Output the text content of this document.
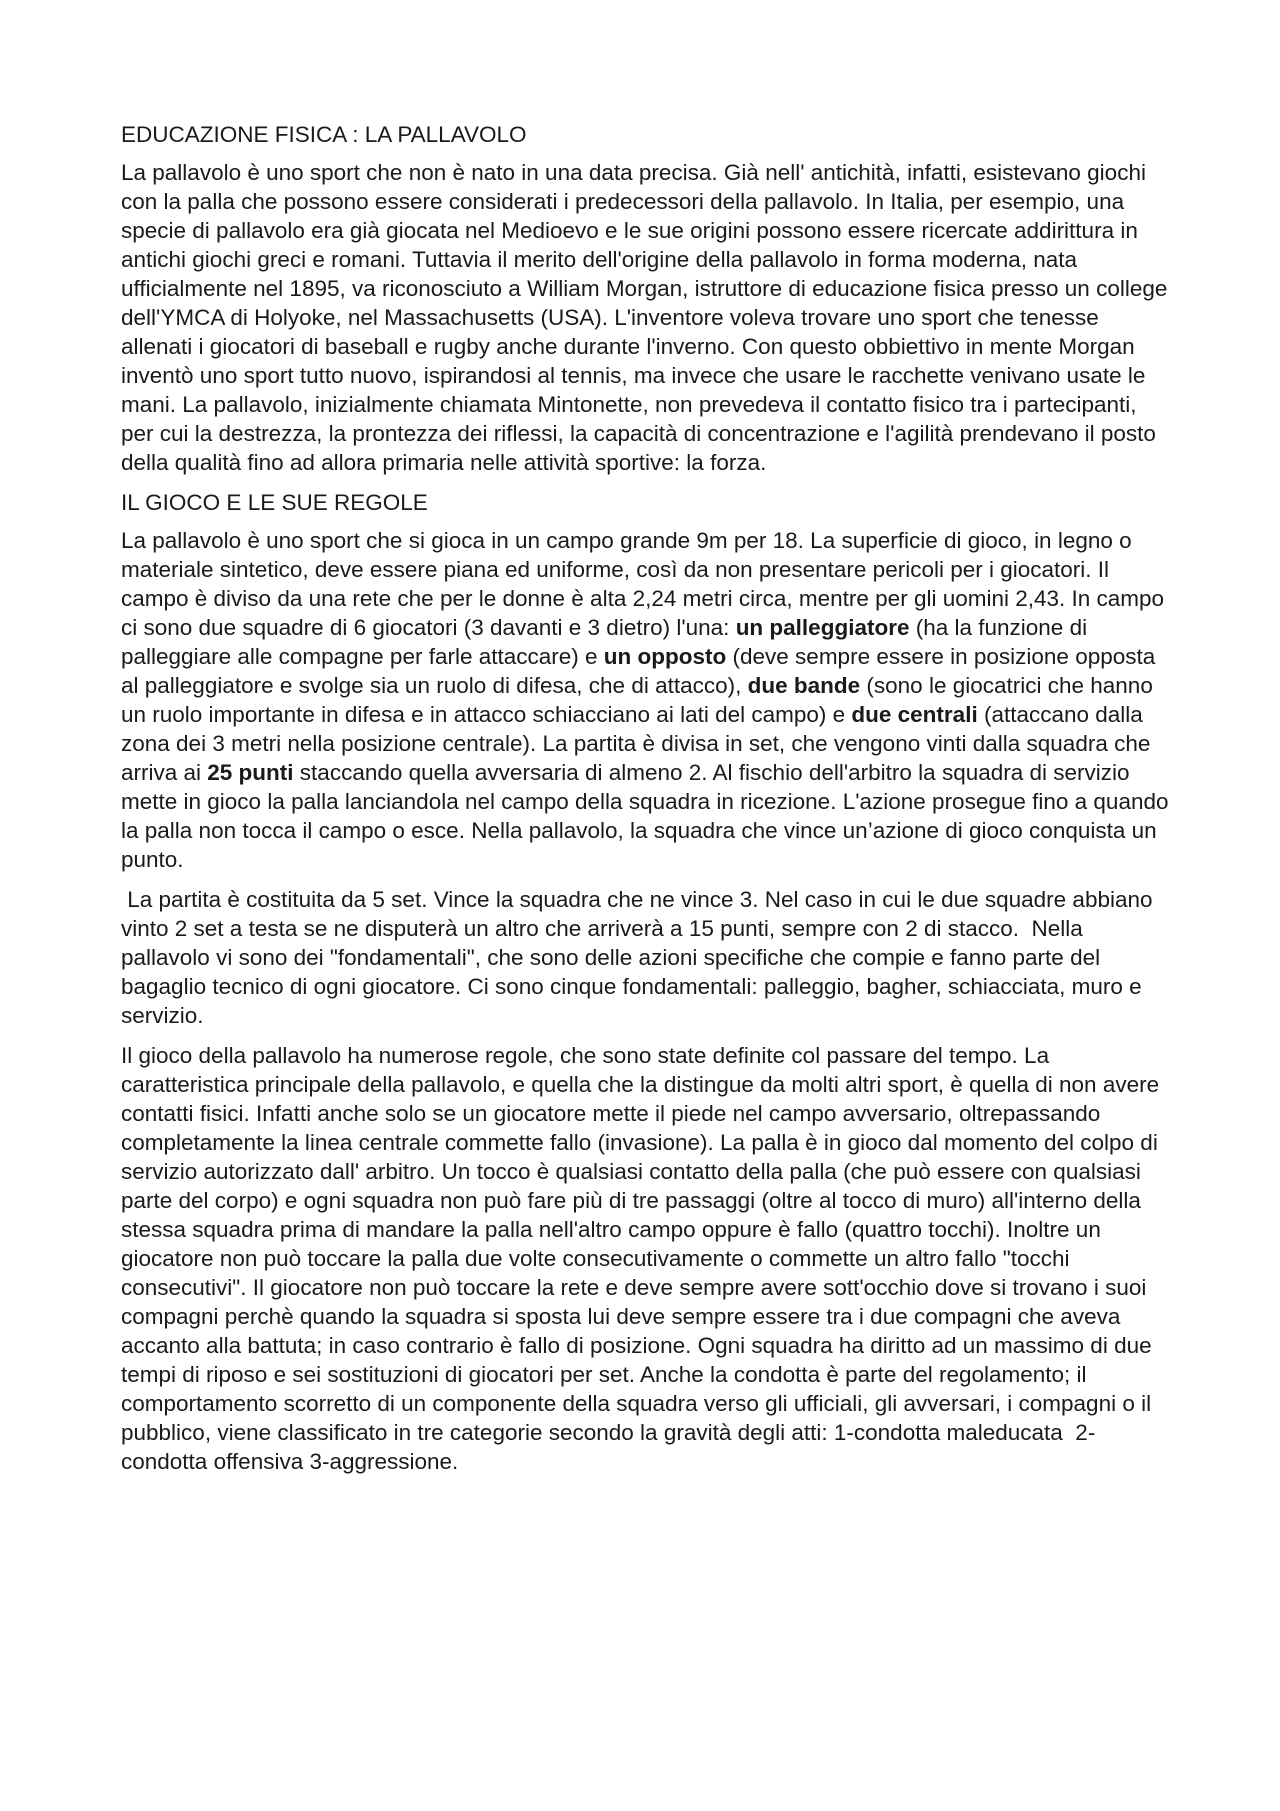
EDUCAZIONE FISICA : LA PALLAVOLO

La pallavolo è uno sport che non è nato in una data precisa. Già nell' antichità, infatti, esistevano giochi con la palla che possono essere considerati i predecessori della pallavolo. In Italia, per esempio, una specie di pallavolo era già giocata nel Medioevo e le sue origini possono essere ricercate addirittura in antichi giochi greci e romani. Tuttavia il merito dell'origine della pallavolo in forma moderna, nata ufficialmente nel 1895, va riconosciuto a William Morgan, istruttore di educazione fisica presso un college dell'YMCA di Holyoke, nel Massachusetts (USA). L'inventore voleva trovare uno sport che tenesse allenati i giocatori di baseball e rugby anche durante l'inverno. Con questo obbiettivo in mente Morgan inventò uno sport tutto nuovo, ispirandosi al tennis, ma invece che usare le racchette venivano usate le mani. La pallavolo, inizialmente chiamata Mintonette, non prevedeva il contatto fisico tra i partecipanti, per cui la destrezza, la prontezza dei riflessi, la capacità di concentrazione e l'agilità prendevano il posto della qualità fino ad allora primaria nelle attività sportive: la forza.

IL GIOCO E LE SUE REGOLE

La pallavolo è uno sport che si gioca in un campo grande 9m per 18. La superficie di gioco, in legno o materiale sintetico, deve essere piana ed uniforme, così da non presentare pericoli per i giocatori. Il campo è diviso da una rete che per le donne è alta 2,24 metri circa, mentre per gli uomini 2,43. In campo ci sono due squadre di 6 giocatori (3 davanti e 3 dietro) l'una: un palleggiatore (ha la funzione di palleggiare alle compagne per farle attaccare) e un opposto (deve sempre essere in posizione opposta al palleggiatore e svolge sia un ruolo di difesa, che di attacco), due bande (sono le giocatrici che hanno un ruolo importante in difesa e in attacco schiacciano ai lati del campo) e due centrali (attaccano dalla zona dei 3 metri nella posizione centrale). La partita è divisa in set, che vengono vinti dalla squadra che arriva ai 25 punti staccando quella avversaria di almeno 2. Al fischio dell'arbitro la squadra di servizio mette in gioco la palla lanciandola nel campo della squadra in ricezione. L'azione prosegue fino a quando la palla non tocca il campo o esce. Nella pallavolo, la squadra che vince un’azione di gioco conquista un punto.

La partita è costituita da 5 set. Vince la squadra che ne vince 3. Nel caso in cui le due squadre abbiano vinto 2 set a testa se ne disputerà un altro che arriverà a 15 punti, sempre con 2 di stacco.  Nella pallavolo vi sono dei "fondamentali", che sono delle azioni specifiche che compie e fanno parte del bagaglio tecnico di ogni giocatore. Ci sono cinque fondamentali: palleggio, bagher, schiacciata, muro e servizio.

Il gioco della pallavolo ha numerose regole, che sono state definite col passare del tempo. La caratteristica principale della pallavolo, e quella che la distingue da molti altri sport, è quella di non avere contatti fisici. Infatti anche solo se un giocatore mette il piede nel campo avversario, oltrepassando completamente la linea centrale commette fallo (invasione). La palla è in gioco dal momento del colpo di servizio autorizzato dall' arbitro. Un tocco è qualsiasi contatto della palla (che può essere con qualsiasi parte del corpo) e ogni squadra non può fare più di tre passaggi (oltre al tocco di muro) all'interno della stessa squadra prima di mandare la palla nell'altro campo oppure è fallo (quattro tocchi). Inoltre un giocatore non può toccare la palla due volte consecutivamente o commette un altro fallo "tocchi consecutivi". Il giocatore non può toccare la rete e deve sempre avere sott'occhio dove si trovano i suoi compagni perchè quando la squadra si sposta lui deve sempre essere tra i due compagni che aveva accanto alla battuta; in caso contrario è fallo di posizione. Ogni squadra ha diritto ad un massimo di due tempi di riposo e sei sostituzioni di giocatori per set. Anche la condotta è parte del regolamento; il comportamento scorretto di un componente della squadra verso gli ufficiali, gli avversari, i compagni o il pubblico, viene classificato in tre categorie secondo la gravità degli atti: 1-condotta maleducata  2-condotta offensiva 3-aggressione.
